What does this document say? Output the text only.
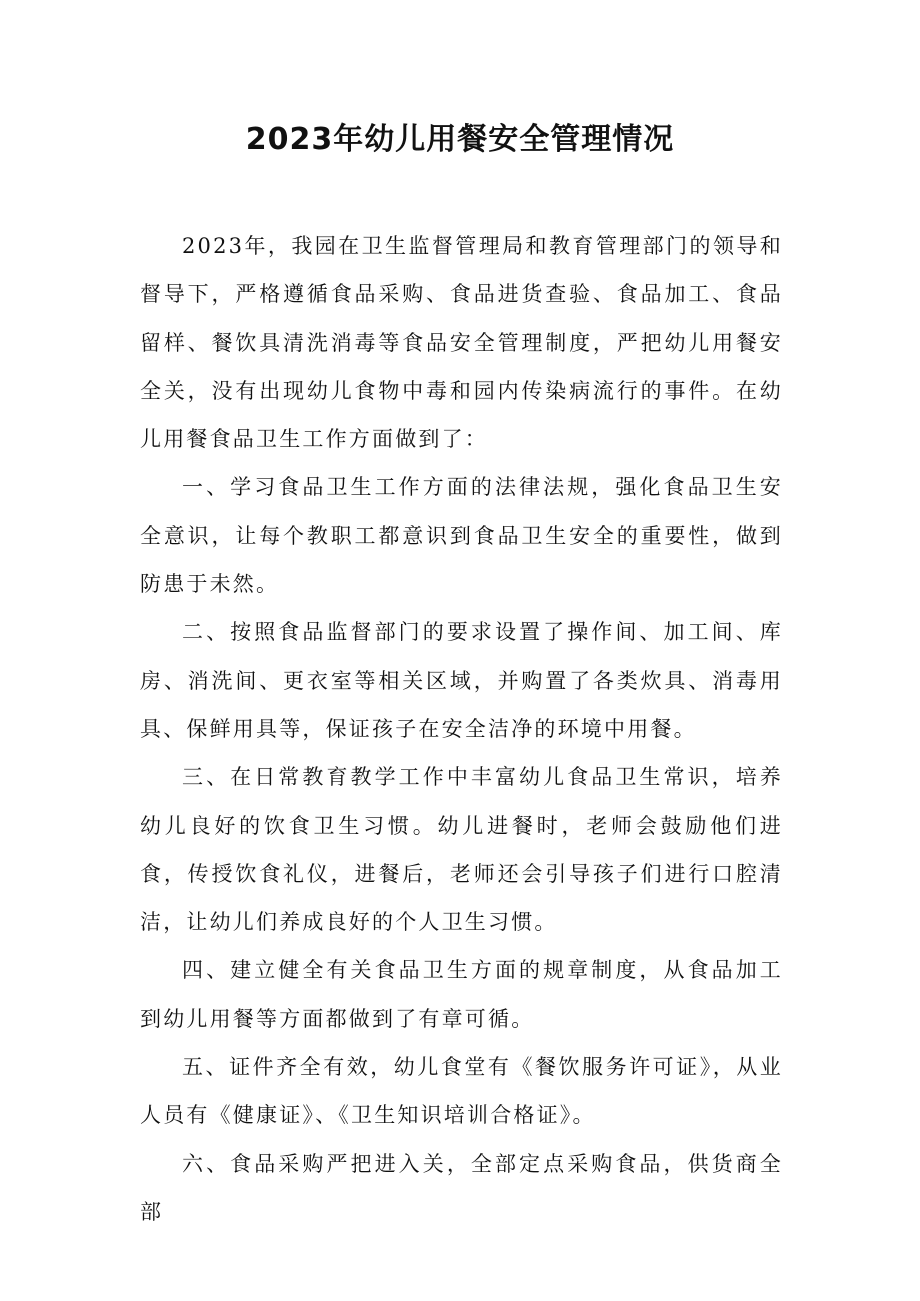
2023年幼儿用餐安全管理情况

2023年，我园在卫生监督管理局和教育管理部门的领导和督导下，严格遵循食品采购、食品进货查验、食品加工、食品留样、餐饮具清洗消毒等食品安全管理制度，严把幼儿用餐安全关，没有出现幼儿食物中毒和园内传染病流行的事件。在幼儿用餐食品卫生工作方面做到了：

一、学习食品卫生工作方面的法律法规，强化食品卫生安全意识，让每个教职工都意识到食品卫生安全的重要性，做到防患于未然。

二、按照食品监督部门的要求设置了操作间、加工间、库房、消洗间、更衣室等相关区域，并购置了各类炊具、消毒用具、保鲜用具等，保证孩子在安全洁净的环境中用餐。

三、在日常教育教学工作中丰富幼儿食品卫生常识，培养幼儿良好的饮食卫生习惯。幼儿进餐时，老师会鼓励他们进食，传授饮食礼仪，进餐后，老师还会引导孩子们进行口腔清洁，让幼儿们养成良好的个人卫生习惯。

四、建立健全有关食品卫生方面的规章制度，从食品加工到幼儿用餐等方面都做到了有章可循。

五、证件齐全有效，幼儿食堂有《餐饮服务许可证》，从业人员有《健康证》、《卫生知识培训合格证》。

六、食品采购严把进入关，全部定点采购食品，供货商全部
